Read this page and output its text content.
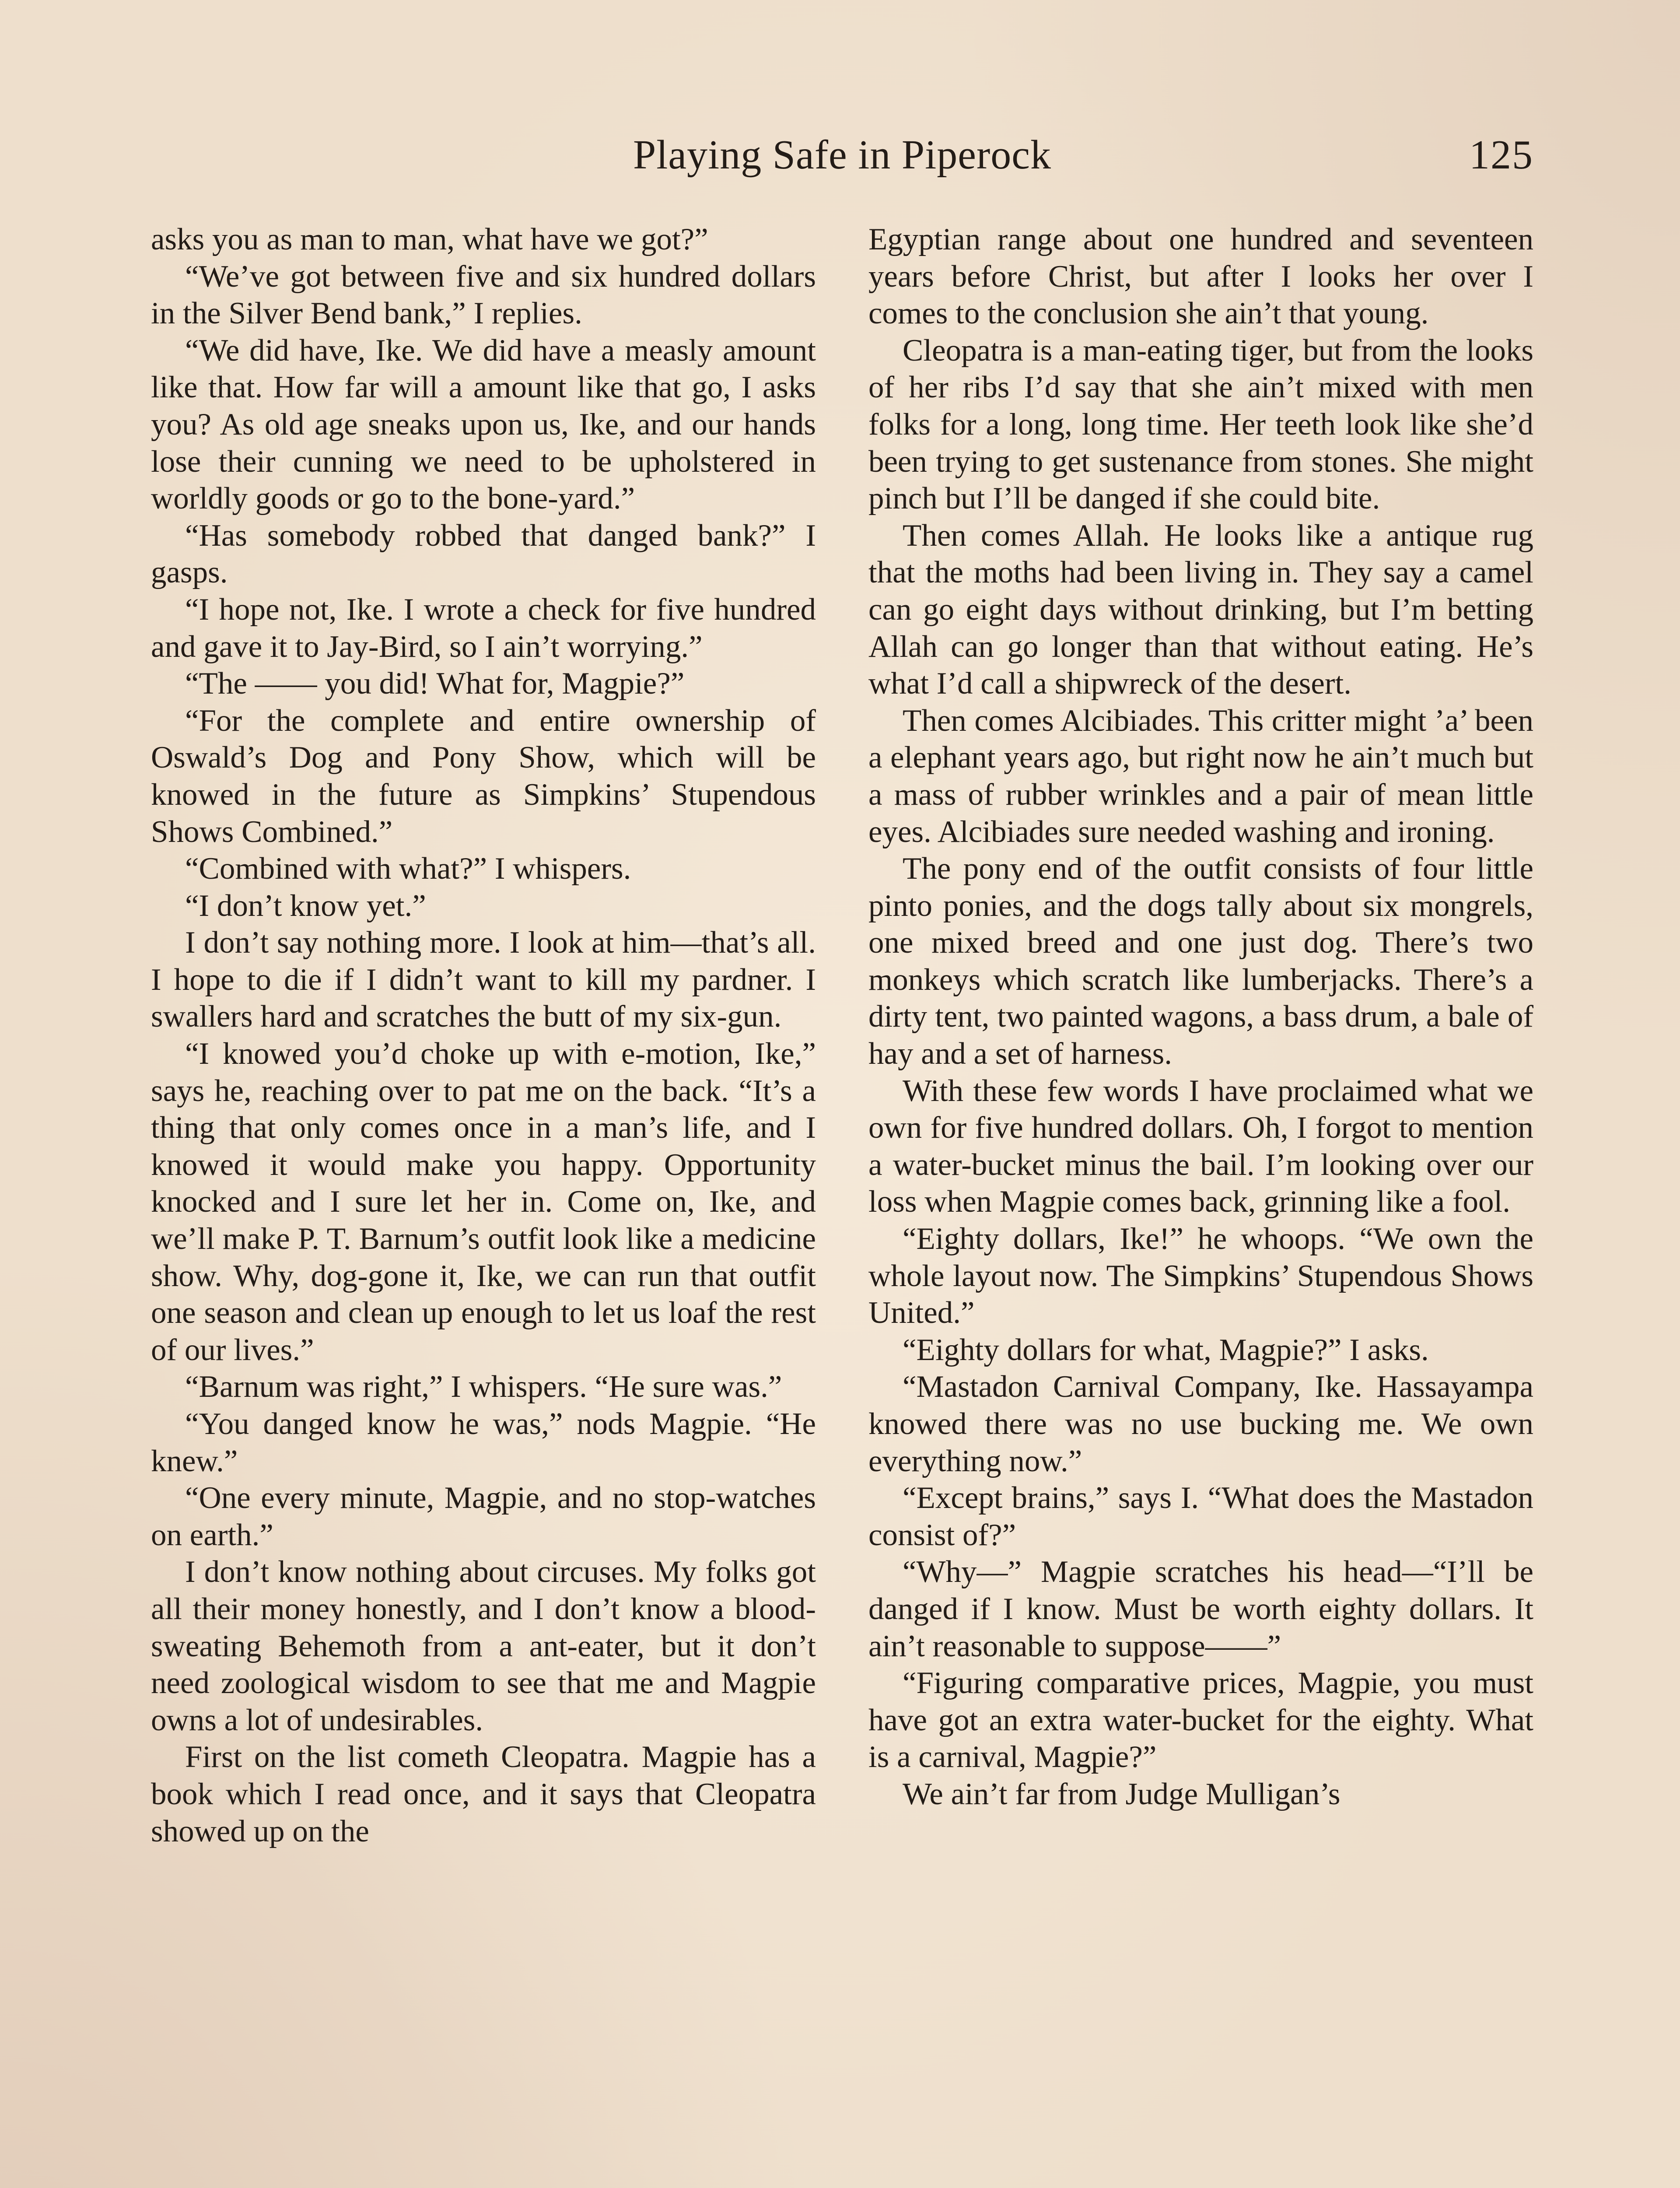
Playing Safe in Piperock	125

asks you as man to man, what have we got?”

“We’ve got between five and six hundred dollars in the Silver Bend bank,” I replies.

“We did have, Ike. We did have a measly amount like that. How far will a amount like that go, I asks you? As old age sneaks upon us, Ike, and our hands lose their cunning we need to be upholstered in worldly goods or go to the bone-yard.”

“Has somebody robbed that danged bank?” I gasps.

“I hope not, Ike. I wrote a check for five hundred and gave it to Jay-Bird, so I ain’t worrying.”

“The —— you did! What for, Magpie?”

“For the complete and entire ownership of Oswald’s Dog and Pony Show, which will be knowed in the future as Simpkins’ Stupendous Shows Combined.”

“Combined with what?” I whispers.

“I don’t know yet.”

I don’t say nothing more. I look at him—that’s all. I hope to die if I didn’t want to kill my pardner. I swallers hard and scratches the butt of my six-gun.

“I knowed you’d choke up with e-motion, Ike,” says he, reaching over to pat me on the back. “It’s a thing that only comes once in a man’s life, and I knowed it would make you happy. Opportunity knocked and I sure let her in. Come on, Ike, and we’ll make P. T. Barnum’s outfit look like a medicine show. Why, dog-gone it, Ike, we can run that outfit one season and clean up enough to let us loaf the rest of our lives.”

“Barnum was right,” I whispers. “He sure was.”

“You danged know he was,” nods Magpie. “He knew.”

“One every minute, Magpie, and no stop-watches on earth.”

I don’t know nothing about circuses. My folks got all their money honestly, and I don’t know a blood-sweating Behemoth from a ant-eater, but it don’t need zoological wisdom to see that me and Magpie owns a lot of undesirables.

First on the list cometh Cleopatra. Magpie has a book which I read once, and it says that Cleopatra showed up on the

Egyptian range about one hundred and seventeen years before Christ, but after I looks her over I comes to the conclusion she ain’t that young.

Cleopatra is a man-eating tiger, but from the looks of her ribs I’d say that she ain’t mixed with men folks for a long, long time. Her teeth look like she’d been trying to get sustenance from stones. She might pinch but I’ll be danged if she could bite.

Then comes Allah. He looks like a antique rug that the moths had been living in. They say a camel can go eight days without drinking, but I’m betting Allah can go longer than that without eating. He’s what I’d call a shipwreck of the desert.

Then comes Alcibiades. This critter might ’a’ been a elephant years ago, but right now he ain’t much but a mass of rubber wrinkles and a pair of mean little eyes. Alcibiades sure needed washing and ironing.

The pony end of the outfit consists of four little pinto ponies, and the dogs tally about six mongrels, one mixed breed and one just dog. There’s two monkeys which scratch like lumberjacks. There’s a dirty tent, two painted wagons, a bass drum, a bale of hay and a set of harness.

With these few words I have proclaimed what we own for five hundred dollars. Oh, I forgot to mention a water-bucket minus the bail. I’m looking over our loss when Magpie comes back, grinning like a fool.

“Eighty dollars, Ike!” he whoops. “We own the whole layout now. The Simpkins’ Stupendous Shows United.”

“Eighty dollars for what, Magpie?” I asks.

“Mastadon Carnival Company, Ike. Hassayampa knowed there was no use bucking me. We own everything now.”

“Except brains,” says I. “What does the Mastadon consist of?”

“Why—” Magpie scratches his head—“I’ll be danged if I know. Must be worth eighty dollars. It ain’t reasonable to suppose——”

“Figuring comparative prices, Magpie, you must have got an extra water-bucket for the eighty. What is a carnival, Magpie?”

We ain’t far from Judge Mulligan’s
